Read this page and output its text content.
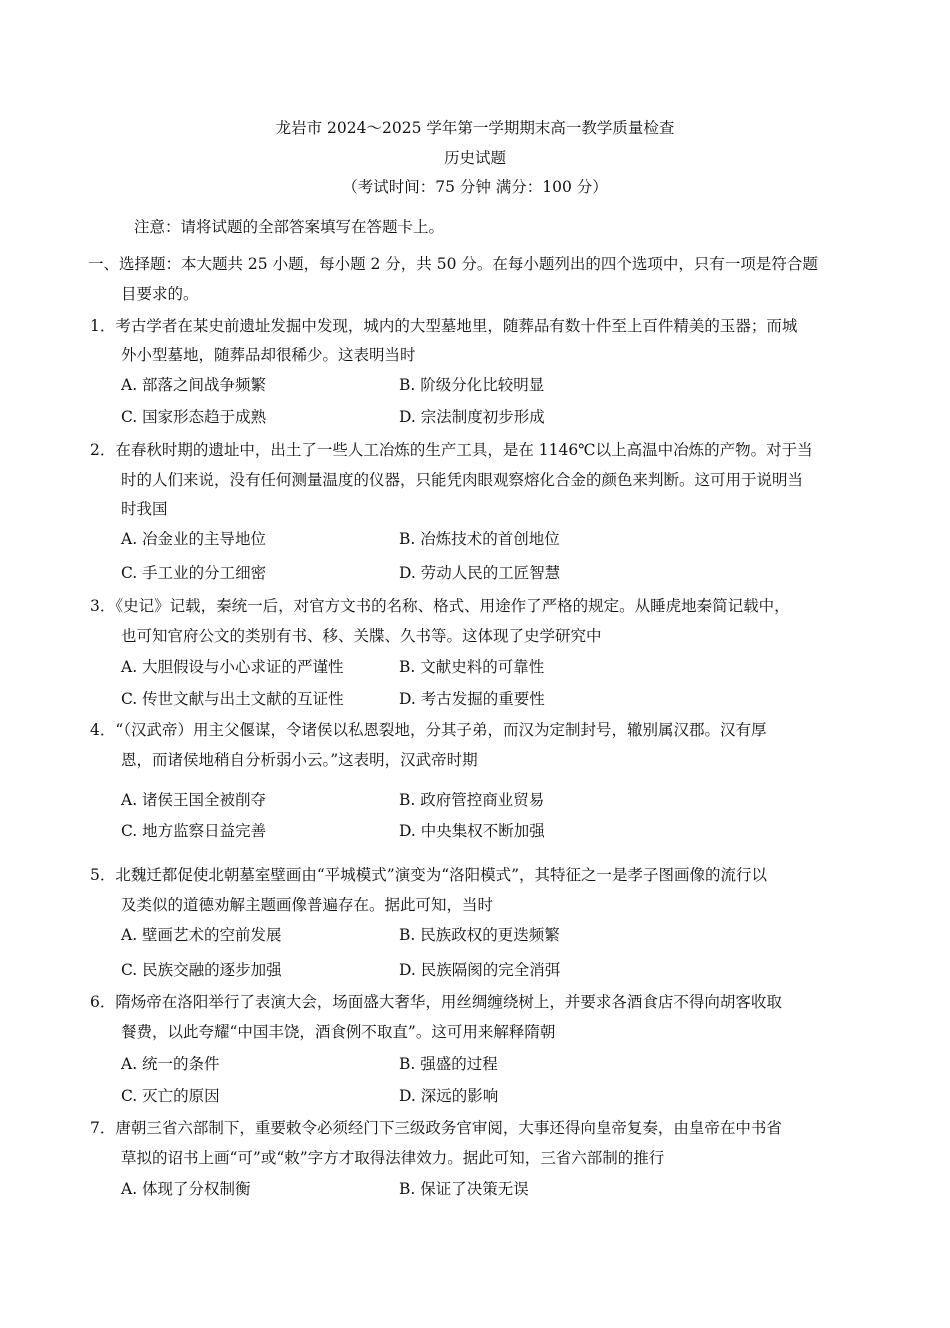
龙岩市 2024～2025 学年第一学期期末高一教学质量检查
历史试题
（考试时间：75 分钟 满分：100 分）
注意：请将试题的全部答案填写在答题卡上。
一、选择题：本大题共 25 小题，每小题 2 分，共 50 分。在每小题列出的四个选项中，只有一项是符合题
目要求的。
1．考古学者在某史前遗址发掘中发现，城内的大型墓地里，随葬品有数十件至上百件精美的玉器；而城
外小型墓地，随葬品却很稀少。这表明当时
A. 部落之间战争频繁	B. 阶级分化比较明显
C. 国家形态趋于成熟	D. 宗法制度初步形成
2．在春秋时期的遗址中，出土了一些人工冶炼的生产工具，是在 1146℃以上高温中冶炼的产物。对于当
时的人们来说，没有任何测量温度的仪器，只能凭肉眼观察熔化合金的颜色来判断。这可用于说明当
时我国
A. 冶金业的主导地位	B. 冶炼技术的首创地位
C. 手工业的分工细密	D. 劳动人民的工匠智慧
3．《史记》记载，秦统一后，对官方文书的名称、格式、用途作了严格的规定。从睡虎地秦简记载中，
也可知官府公文的类别有书、移、关牒、久书等。这体现了史学研究中
A. 大胆假设与小心求证的严谨性	B. 文献史料的可靠性
C. 传世文献与出土文献的互证性	D. 考古发掘的重要性
4．“（汉武帝）用主父偃谋，令诸侯以私恩裂地，分其子弟，而汉为定制封号，辙别属汉郡。汉有厚
恩，而诸侯地稍自分析弱小云。”这表明，汉武帝时期
A. 诸侯王国全被削夺	B. 政府管控商业贸易
C. 地方监察日益完善	D. 中央集权不断加强
5．北魏迁都促使北朝墓室壁画由“平城模式”演变为“洛阳模式”，其特征之一是孝子图画像的流行以
及类似的道德劝解主题画像普遍存在。据此可知，当时
A. 壁画艺术的空前发展	B. 民族政权的更迭频繁
C. 民族交融的逐步加强	D. 民族隔阂的完全消弭
6．隋炀帝在洛阳举行了表演大会，场面盛大奢华，用丝绸缠绕树上，并要求各酒食店不得向胡客收取
餐费，以此夸耀“中国丰饶，酒食例不取直”。这可用来解释隋朝
A. 统一的条件	B. 强盛的过程
C. 灭亡的原因	D. 深远的影响
7．唐朝三省六部制下，重要敕令必须经门下三级政务官审阅，大事还得向皇帝复奏，由皇帝在中书省
草拟的诏书上画“可”或“敕”字方才取得法律效力。据此可知，三省六部制的推行
A. 体现了分权制衡	B. 保证了决策无误
